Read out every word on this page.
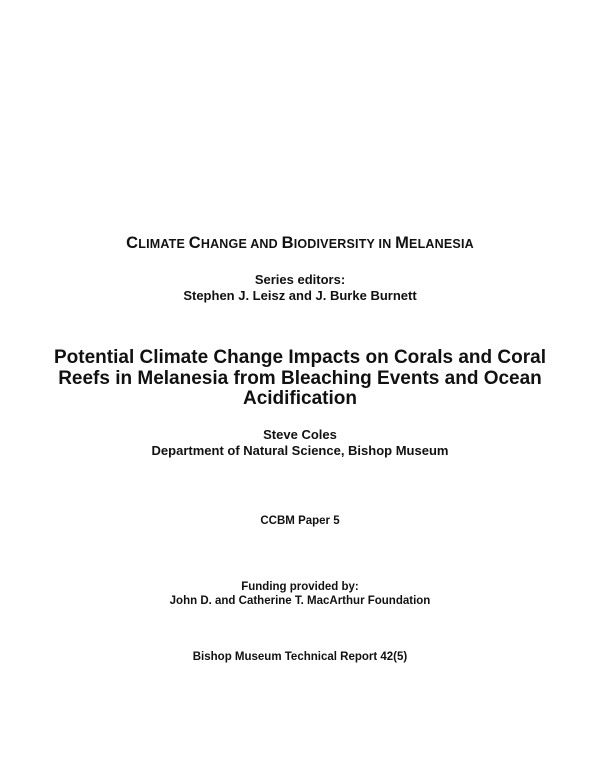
CLIMATE CHANGE AND BIODIVERSITY IN MELANESIA
Series editors:
Stephen J. Leisz and J. Burke Burnett
Potential Climate Change Impacts on Corals and Coral Reefs in Melanesia from Bleaching Events and Ocean Acidification
Steve Coles
Department of Natural Science, Bishop Museum
CCBM Paper 5
Funding provided by:
John D. and Catherine T. MacArthur Foundation
Bishop Museum Technical Report 42(5)
